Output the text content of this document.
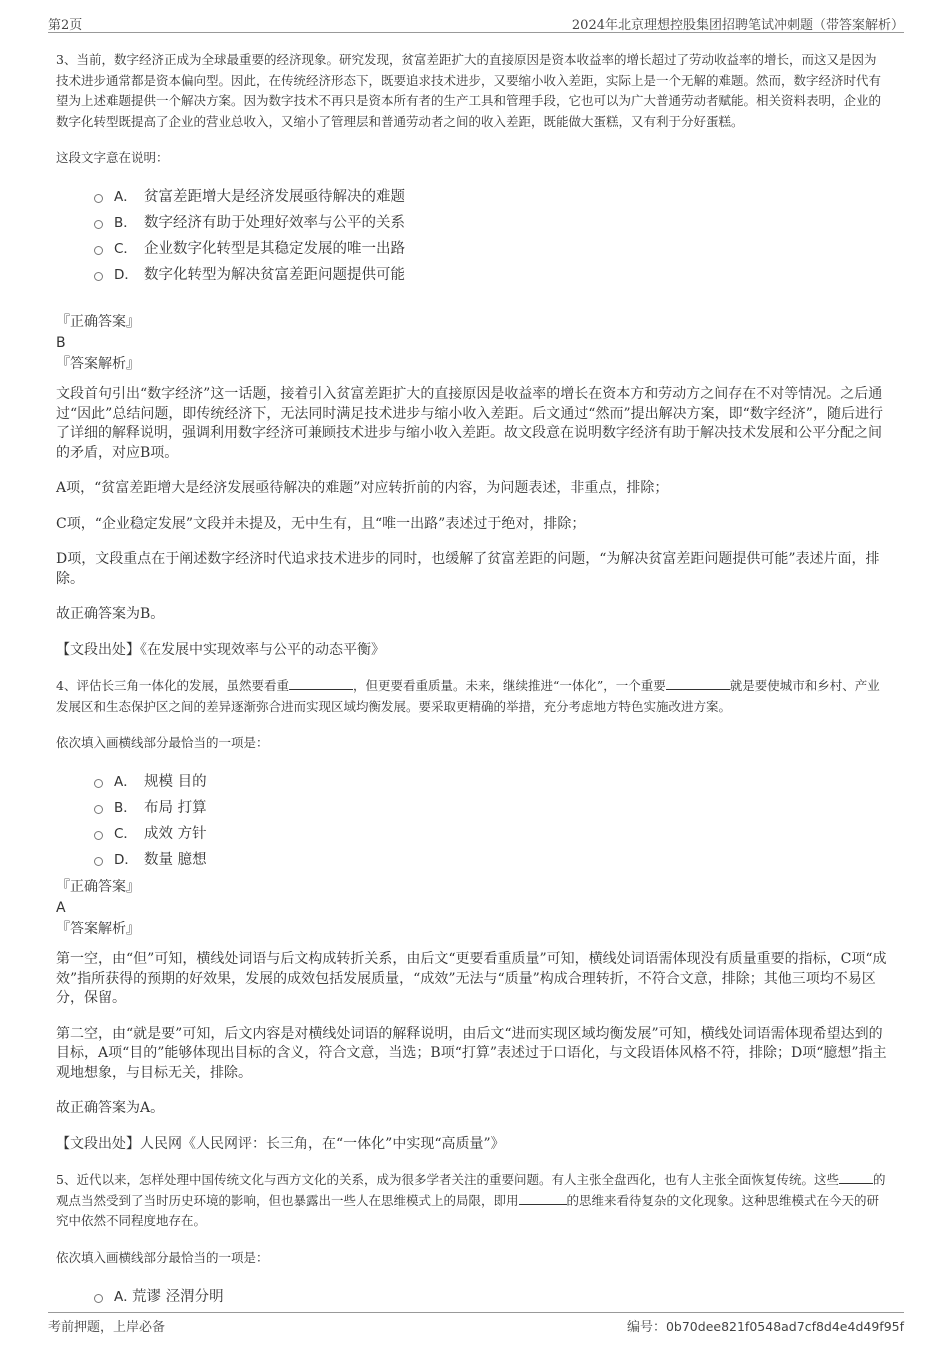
第2页	2024年北京理想控股集团招聘笔试冲刺题（带答案解析）

3、当前，数字经济正成为全球最重要的经济现象。研究发现，贫富差距扩大的直接原因是资本收益率的增长超过了劳动收益率的增长，而这又是因为技术进步通常都是资本偏向型。因此，在传统经济形态下，既要追求技术进步，又要缩小收入差距，实际上是一个无解的难题。然而，数字经济时代有望为上述难题提供一个解决方案。因为数字技术不再只是资本所有者的生产工具和管理手段，它也可以为广大普通劳动者赋能。相关资料表明，企业的数字化转型既提高了企业的营业总收入，又缩小了管理层和普通劳动者之间的收入差距，既能做大蛋糕，又有利于分好蛋糕。

这段文字意在说明：

A． 贫富差距增大是经济发展亟待解决的难题
B． 数字经济有助于处理好效率与公平的关系
C． 企业数字化转型是其稳定发展的唯一出路
D． 数字化转型为解决贫富差距问题提供可能

『正确答案』

B

『答案解析』

文段首句引出“数字经济”这一话题，接着引入贫富差距扩大的直接原因是收益率的增长在资本方和劳动方之间存在不对等情况。之后通过“因此”总结问题，即传统经济下，无法同时满足技术进步与缩小收入差距。后文通过“然而”提出解决方案，即“数字经济”，随后进行了详细的解释说明，强调利用数字经济可兼顾技术进步与缩小收入差距。故文段意在说明数字经济有助于解决技术发展和公平分配之间的矛盾，对应B项。

A项，“贫富差距增大是经济发展亟待解决的难题”对应转折前的内容，为问题表述，非重点，排除；

C项，“企业稳定发展”文段并未提及，无中生有，且“唯一出路”表述过于绝对，排除；

D项，文段重点在于阐述数字经济时代追求技术进步的同时，也缓解了贫富差距的问题，“为解决贫富差距问题提供可能”表述片面，排除。

故正确答案为B。

【文段出处】《在发展中实现效率与公平的动态平衡》

4、评估长三角一体化的发展，虽然要看重	，但更要看重质量。未来，继续推进“一体化”，一个重要	就是要使城市和乡村、产业发展区和生态保护区之间的差异逐渐弥合进而实现区域均衡发展。要采取更精确的举措，充分考虑地方特色实施改进方案。

依次填入画横线部分最恰当的一项是：

A． 规模 目的
B． 布局 打算
C． 成效 方针
D． 数量 臆想

『正确答案』

A

『答案解析』

第一空，由“但”可知，横线处词语与后文构成转折关系，由后文“更要看重质量”可知，横线处词语需体现没有质量重要的指标，C项“成效”指所获得的预期的好效果，发展的成效包括发展质量，“成效”无法与“质量”构成合理转折，不符合文意，排除；其他三项均不易区分，保留。

第二空，由“就是要”可知，后文内容是对横线处词语的解释说明，由后文“进而实现区域均衡发展”可知，横线处词语需体现希望达到的目标，A项“目的”能够体现出目标的含义，符合文意，当选；B项“打算”表述过于口语化，与文段语体风格不符，排除；D项“臆想”指主观地想象，与目标无关，排除。

故正确答案为A。

【文段出处】人民网《人民网评：长三角，在“一体化”中实现“高质量”》

5、近代以来，怎样处理中国传统文化与西方文化的关系，成为很多学者关注的重要问题。有人主张全盘西化，也有人主张全面恢复传统。这些	的观点当然受到了当时历史环境的影响，但也暴露出一些人在思维模式上的局限，即用	的思维来看待复杂的文化现象。这种思维模式在今天的研究中依然不同程度地存在。

依次填入画横线部分最恰当的一项是：

A．荒谬 泾渭分明
考前押题，上岸必备	编号：0b70dee821f0548ad7cf8d4e4d49f95f
